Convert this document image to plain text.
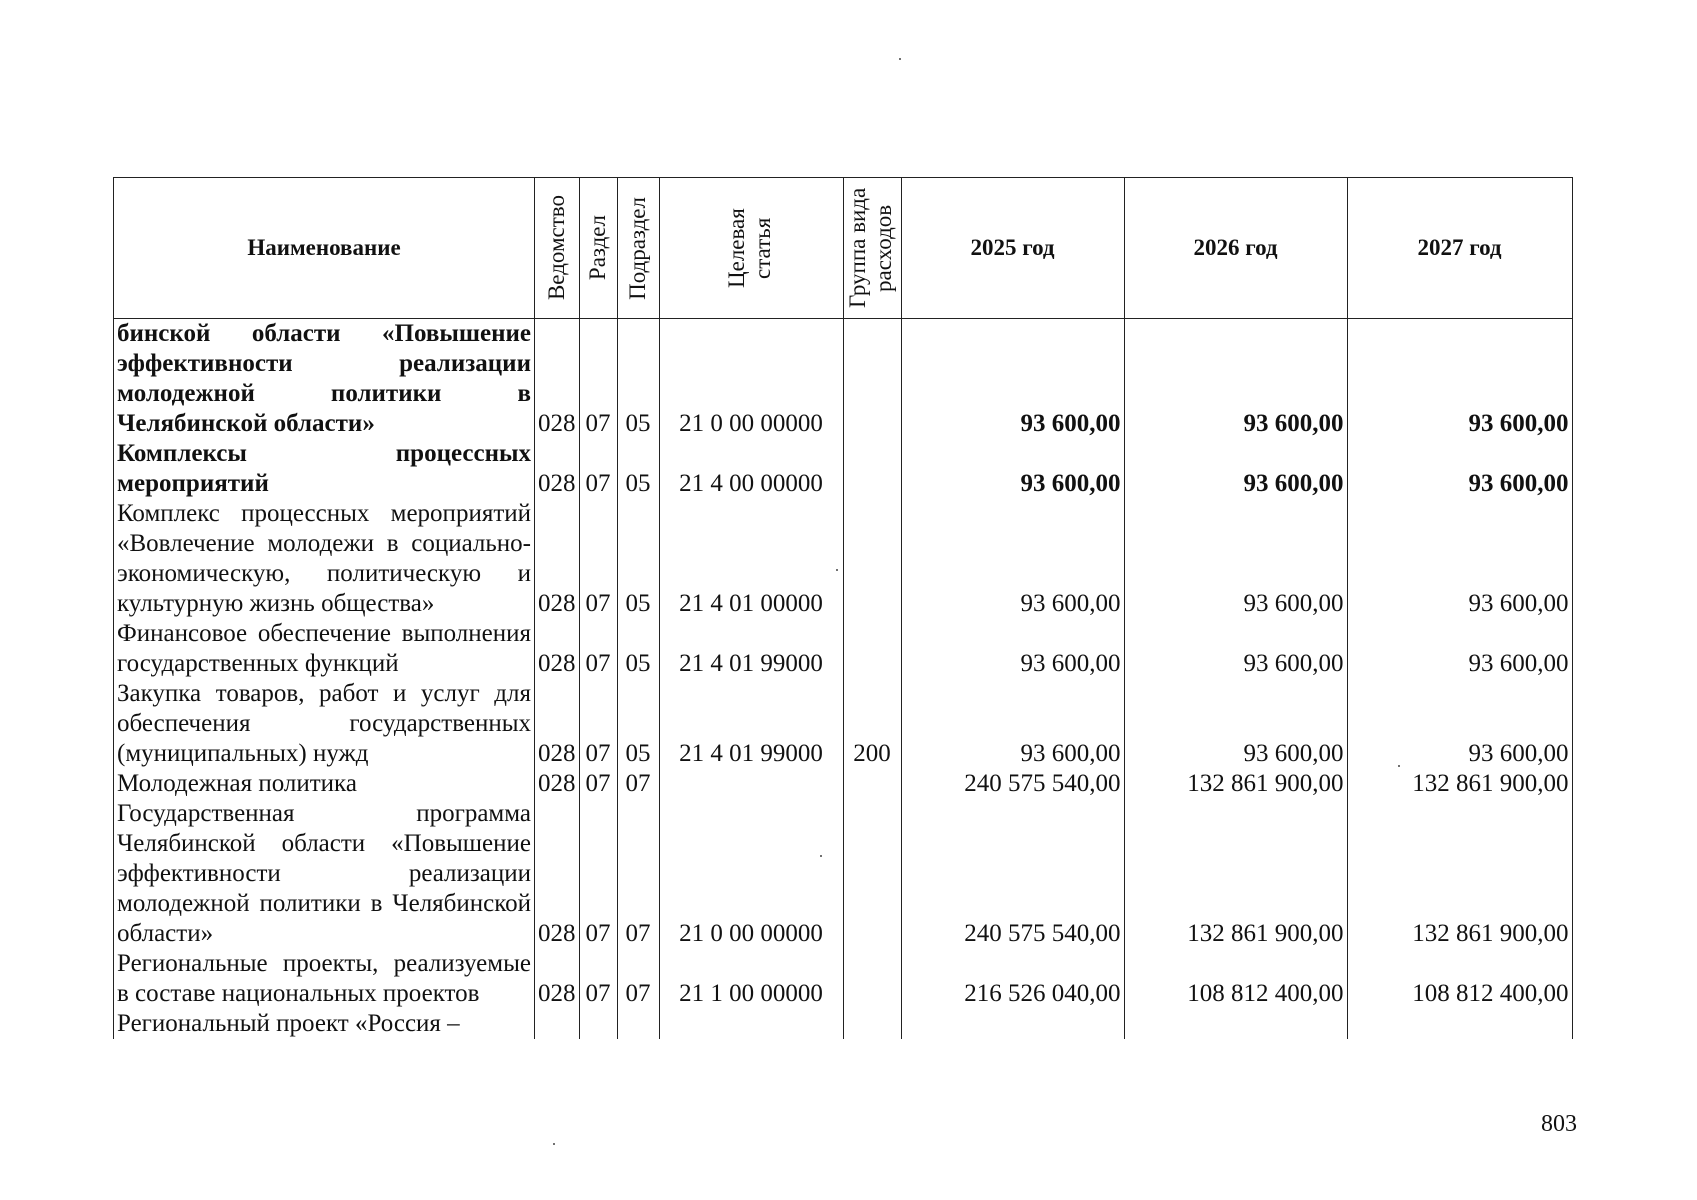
Наименование	Ведомство	Раздел	Подраздел	Целевая статья	Группа вида расходов	2025 год	2026 год	2027 год
бинской области «Повышение эффективности реализации молодежной политики в Челябинской области»	028	07	05	21 0 00 00000		93 600,00	93 600,00	93 600,00
Комплексы процессных мероприятий	028	07	05	21 4 00 00000		93 600,00	93 600,00	93 600,00
Комплекс процессных мероприятий «Вовлечение молодежи в социально-экономическую, политическую и культурную жизнь общества»	028	07	05	21 4 01 00000		93 600,00	93 600,00	93 600,00
Финансовое обеспечение выполнения государственных функций	028	07	05	21 4 01 99000		93 600,00	93 600,00	93 600,00
Закупка товаров, работ и услуг для обеспечения государственных (муниципальных) нужд	028	07	05	21 4 01 99000	200	93 600,00	93 600,00	93 600,00
Молодежная политика	028	07	07			240 575 540,00	132 861 900,00	132 861 900,00
Государственная программа Челябинской области «Повышение эффективности реализации молодежной политики в Челябинской области»	028	07	07	21 0 00 00000		240 575 540,00	132 861 900,00	132 861 900,00
Региональные проекты, реализуемые в составе национальных проектов	028	07	07	21 1 00 00000		216 526 040,00	108 812 400,00	108 812 400,00
Региональный проект «Россия –								
803
